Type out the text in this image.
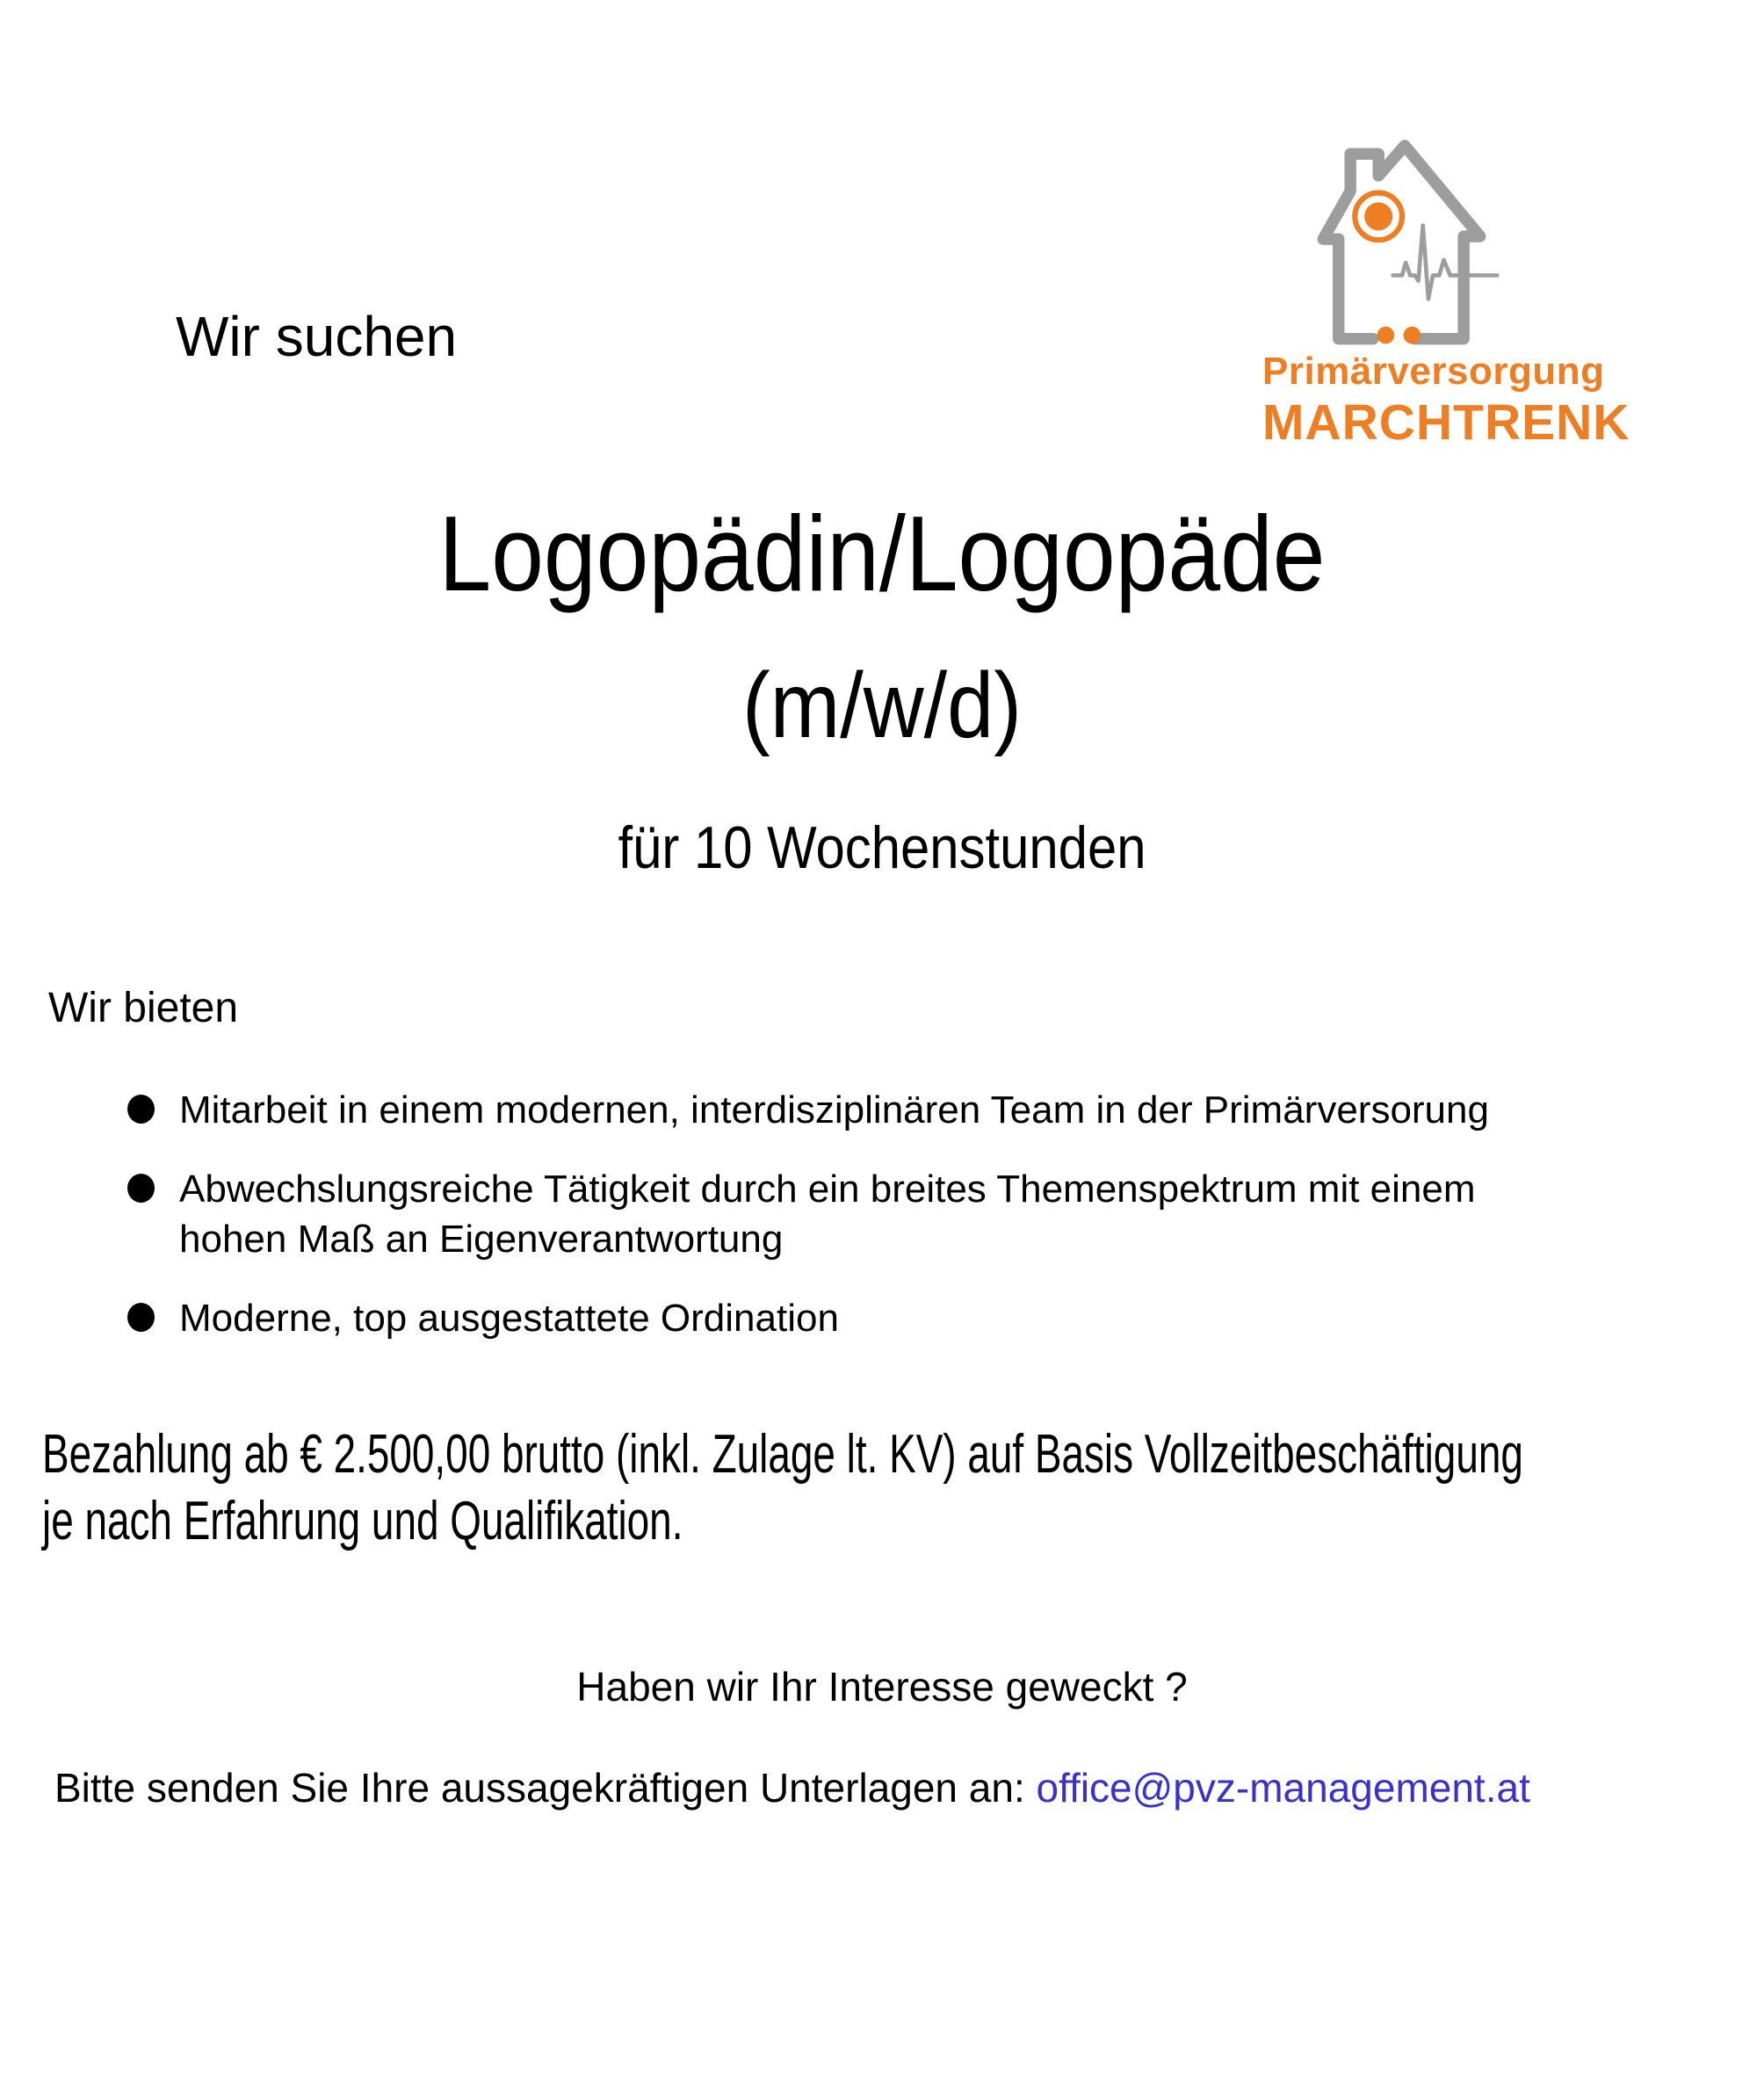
Wir suchen
Primärversorgung
MARCHTRENK
Logopädin/Logopäde
(m/w/d)
für 10 Wochenstunden
Wir bieten
Mitarbeit in einem modernen, interdisziplinären Team in der Primärversorung
Abwechslungsreiche Tätigkeit durch ein breites Themenspektrum mit einem hohen Maß an Eigenverantwortung
Moderne, top ausgestattete Ordination
Bezahlung ab € 2.500,00 brutto (inkl. Zulage lt. KV) auf Basis Vollzeitbeschäftigung
je nach Erfahrung und Qualifikation.
Haben wir Ihr Interesse geweckt ?
Bitte senden Sie Ihre aussagekräftigen Unterlagen an: office@pvz-management.at
